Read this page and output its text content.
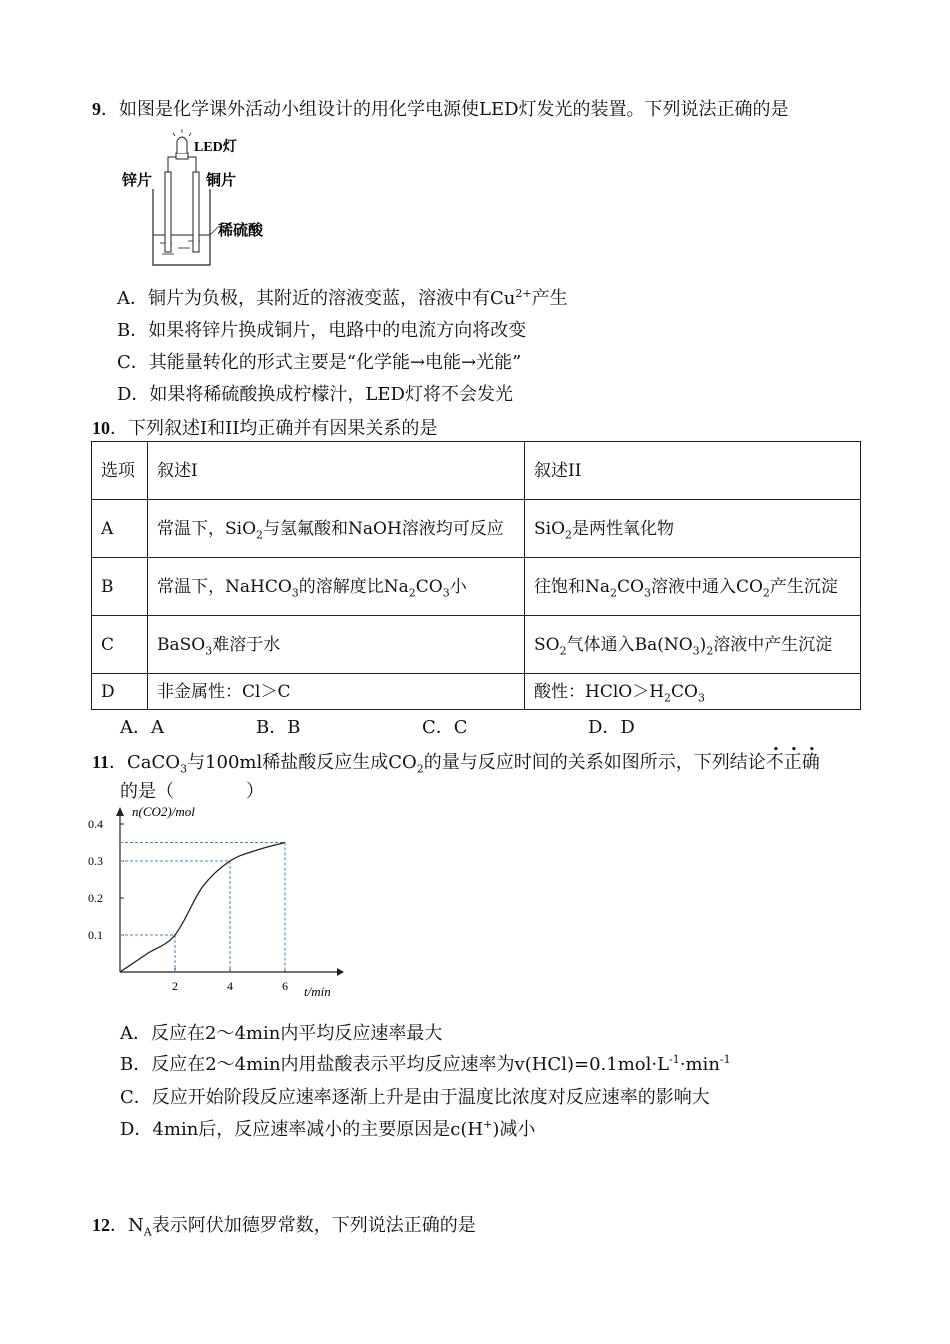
9．如图是化学课外活动小组设计的用化学电源使LED灯发光的装置。下列说法正确的是
LED灯
锌片	铜片
稀硫酸
A．铜片为负极，其附近的溶液变蓝，溶液中有$Cu^{2+}$产生
B．如果将锌片换成铜片，电路中的电流方向将改变
C．其能量转化的形式主要是“化学能→电能→光能”
D．如果将稀硫酸换成柠檬汁，LED灯将不会发光
10．下列叙述I和II均正确并有因果关系的是
选项	叙述I	叙述II
A	常温下，SiO$_2$与氢氟酸和NaOH溶液均可反应	SiO$_2$是两性氧化物
B	常温下，NaHCO$_3$的溶解度比$Na_2CO_3$小	往饱和$Na_2CO_3$溶液中通入$CO_2$产生沉淀
C	BaSO$_3$难溶于水	$SO_2$气体通入$Ba(NO_3)_2$溶液中产生沉淀
D	非金属性：Cl＞C	酸性：$HClO>H_2CO_3$
A．A	B．B	C．C	D．D
11．CaCO$_3$与100ml稀盐酸反应生成$CO_2$的量与反应时间的关系如图所示，下列结论不正确
的是（　　　　）
0.4
0.3
0.2
0.1
2	4	6
n(CO2)/mol
t/min
A．反应在2～4min内平均反应速率最大
B．反应在2～4min内用盐酸表示平均反应速率为$v(HCl)=0.1mol\cdot L^{-1}\cdot\min^{-1}$
C．反应开始阶段反应速率逐渐上升是由于温度比浓度对反应速率的影响大
D．4min后，反应速率减小的主要原因是c(H+)减小
12．$N_A$表示阿伏加德罗常数，下列说法正确的是
